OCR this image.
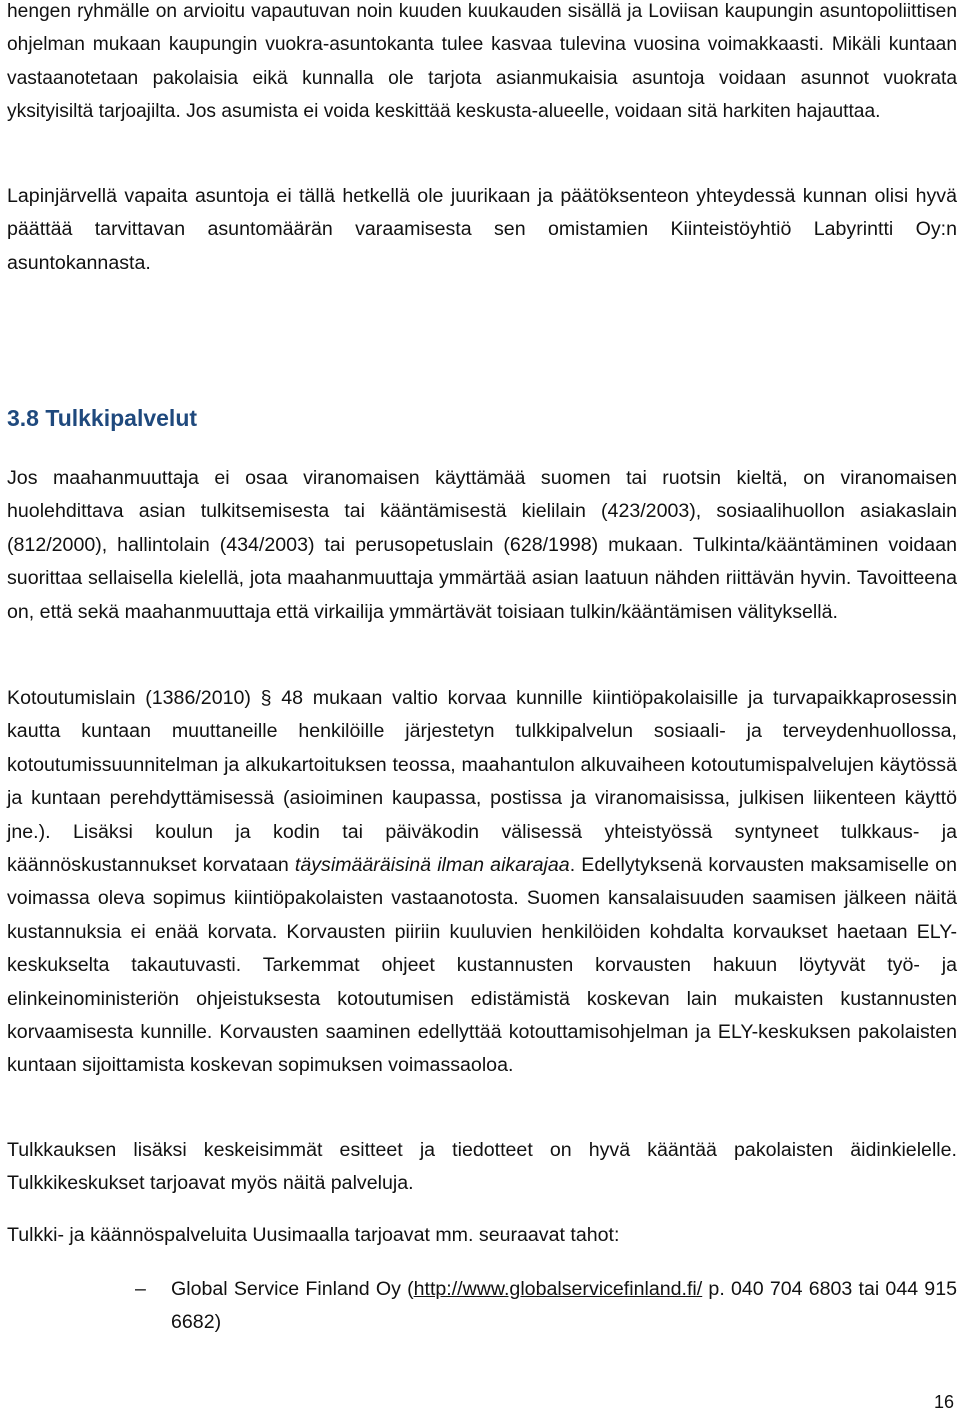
hengen ryhmälle on arvioitu vapautuvan noin kuuden kuukauden sisällä ja Loviisan kaupungin asuntopoliittisen ohjelman mukaan kaupungin vuokra-asuntokanta tulee kasvaa tulevina vuosina voimakkaasti. Mikäli kuntaan vastaanotetaan pakolaisia eikä kunnalla ole tarjota asianmukaisia asuntoja voidaan asunnot vuokrata yksityisiltä tarjoajilta. Jos asumista ei voida keskittää keskusta-alueelle, voidaan sitä harkiten hajauttaa.

Lapinjärvellä vapaita asuntoja ei tällä hetkellä ole juurikaan ja päätöksenteon yhteydessä kunnan olisi hyvä päättää tarvittavan asuntomäärän varaamisesta sen omistamien Kiinteistöyhtiö Labyrintti Oy:n asuntokannasta.

3.8 Tulkkipalvelut

Jos maahanmuuttaja ei osaa viranomaisen käyttämää suomen tai ruotsin kieltä, on viranomaisen huolehdittava asian tulkitsemisesta tai kääntämisestä kielilain (423/2003), sosiaalihuollon asiakaslain (812/2000), hallintolain (434/2003) tai perusopetuslain (628/1998) mukaan. Tulkinta/kääntäminen voidaan suorittaa sellaisella kielellä, jota maahanmuuttaja ymmärtää asian laatuun nähden riittävän hyvin. Tavoitteena on, että sekä maahanmuuttaja että virkailija ymmärtävät toisiaan tulkin/kääntämisen välityksellä.

Kotoutumislain (1386/2010) § 48 mukaan valtio korvaa kunnille kiintiöpakolaisille ja turvapaikkaprosessin kautta kuntaan muuttaneille henkilöille järjestetyn tulkkipalvelun sosiaali- ja terveydenhuollossa, kotoutumissuunnitelman ja alkukartoituksen teossa, maahantulon alkuvaiheen kotoutumispalvelujen käytössä ja kuntaan perehdyttämisessä (asioiminen kaupassa, postissa ja viranomaisissa, julkisen liikenteen käyttö jne.). Lisäksi koulun ja kodin tai päiväkodin välisessä yhteistyössä syntyneet tulkkaus- ja käännöskustannukset korvataan täysimääräisinä ilman aikarajaa. Edellytyksenä korvausten maksamiselle on voimassa oleva sopimus kiintiöpakolaisten vastaanotosta. Suomen kansalaisuuden saamisen jälkeen näitä kustannuksia ei enää korvata. Korvausten piiriin kuuluvien henkilöiden kohdalta korvaukset haetaan ELY-keskukselta takautuvasti. Tarkemmat ohjeet kustannusten korvausten hakuun löytyvät työ- ja elinkeinoministeriön ohjeistuksesta kotoutumisen edistämistä koskevan lain mukaisten kustannusten korvaamisesta kunnille. Korvausten saaminen edellyttää kotouttamisohjelman ja ELY-keskuksen pakolaisten kuntaan sijoittamista koskevan sopimuksen voimassaoloa.

Tulkkauksen lisäksi keskeisimmät esitteet ja tiedotteet on hyvä kääntää pakolaisten äidinkielelle. Tulkkikeskukset tarjoavat myös näitä palveluja.

Tulkki- ja käännöspalveluita Uusimaalla tarjoavat mm. seuraavat tahot:

–	Global Service Finland Oy (http://www.globalservicefinland.fi/ p. 040 704 6803 tai 044 915 6682)
16
